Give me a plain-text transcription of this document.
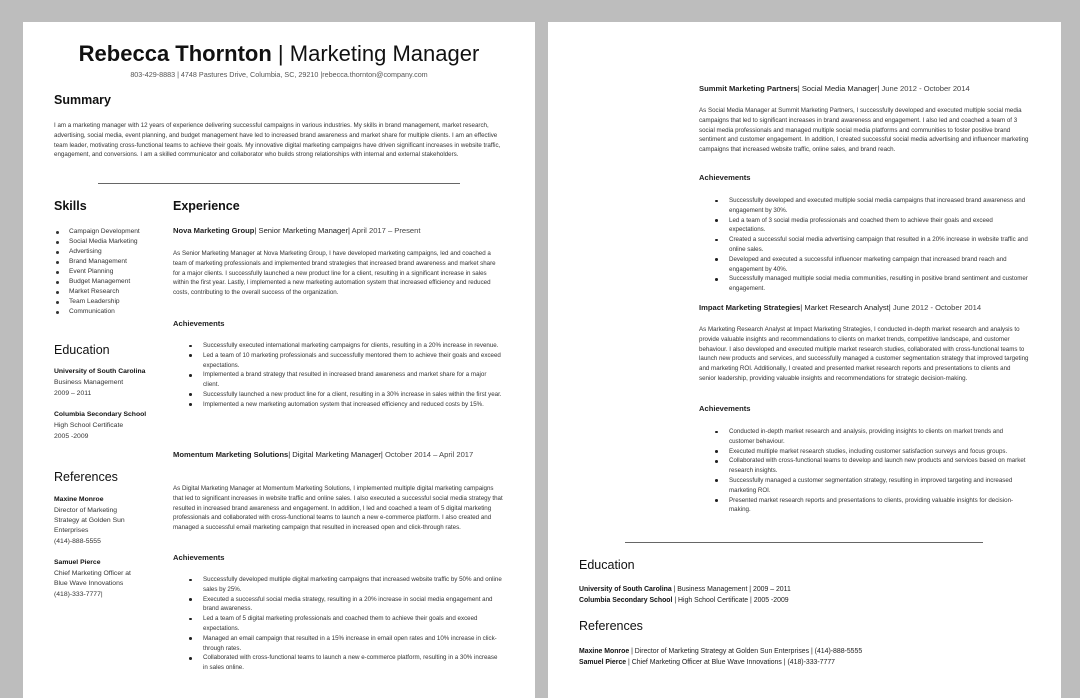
Rebecca Thornton | Marketing Manager
803-429-8883 | 4748 Pastures Drive, Columbia, SC, 29210 |rebecca.thornton@company.com
Summary
I am a marketing manager with 12 years of experience delivering successful campaigns in various industries. My skills in brand management, market research, advertising, social media, event planning, and budget management have led to increased brand awareness and market share for multiple clients. I am an effective team leader, motivating cross-functional teams to achieve their goals. My innovative digital marketing campaigns have driven significant increases in website traffic, engagement, and conversions. I am a skilled communicator and collaborator who builds strong relationships with internal and external stakeholders.
Skills
Campaign Development
Social Media Marketing
Advertising
Brand Management
Event Planning
Budget Management
Market Research
Team Leadership
Communication
Education
University of South Carolina
Business Management
2009 – 2011
Columbia Secondary School
High School Certificate
2005 -2009
References
Maxine Monroe
Director of Marketing
Strategy at Golden Sun
Enterprises
(414)-888-5555
Samuel Pierce
Chief Marketing Officer at
Blue Wave Innovations
(418)-333-7777|
Experience
Nova Marketing Group| Senior Marketing Manager| April 2017 – Present
As Senior Marketing Manager at Nova Marketing Group, I have developed marketing campaigns, led and coached a team of marketing professionals and implemented brand strategies that increased brand awareness and market share for a major clients. I successfully launched a new product line for a client, resulting in a significant increase in sales within the first year. Lastly, I implemented a new marketing automation system that increased efficiency and reduced costs, contributing to the overall success of the organization.
Achievements
Successfully executed international marketing campaigns for clients, resulting in a 20% increase in revenue.
Led a team of 10 marketing professionals and successfully mentored them to achieve their goals and exceed expectations.
Implemented a brand strategy that resulted in increased brand awareness and market share for a major client.
Successfully launched a new product line for a client, resulting in a 30% increase in sales within the first year.
Implemented a new marketing automation system that increased efficiency and reduced costs by 15%.
Momentum Marketing Solutions| Digital Marketing Manager| October 2014 – April 2017
As Digital Marketing Manager at Momentum Marketing Solutions, I implemented multiple digital marketing campaigns that led to significant increases in website traffic and online sales. I also executed a successful social media strategy that resulted in increased brand awareness and engagement. In addition, I led and coached a team of 5 digital marketing professionals and collaborated with cross-functional teams to launch a new e-commerce platform. I also created and managed a successful email marketing campaign that resulted in increased open and click-through rates.
Achievements
Successfully developed multiple digital marketing campaigns that increased website traffic by 50% and online sales by 25%.
Executed a successful social media strategy, resulting in a 20% increase in social media engagement and brand awareness.
Led a team of 5 digital marketing professionals and coached them to achieve their goals and exceed expectations.
Managed an email campaign that resulted in a 15% increase in email open rates and 10% increase in click-through rates.
Collaborated with cross-functional teams to launch a new e-commerce platform, resulting in a 30% increase in sales online.
Summit Marketing Partners| Social Media Manager| June 2012 - October 2014
As Social Media Manager at Summit Marketing Partners, I successfully developed and executed multiple social media campaigns that led to significant increases in brand awareness and engagement. I also led and coached a team of 3 social media professionals and managed multiple social media platforms and communities to foster positive brand sentiment and customer engagement. In addition, I created successful social media advertising and influencer marketing campaigns that increased website traffic, online sales, and brand reach.
Achievements
Successfully developed and executed multiple social media campaigns that increased brand awareness and engagement by 30%.
Led a team of 3 social media professionals and coached them to achieve their goals and exceed expectations.
Created a successful social media advertising campaign that resulted in a 20% increase in website traffic and online sales.
Developed and executed a successful influencer marketing campaign that increased brand reach and engagement by 40%.
Successfully managed multiple social media communities, resulting in positive brand sentiment and customer engagement.
Impact Marketing Strategies| Market Research Analyst| June 2012 - October 2014
As Marketing Research Analyst at Impact Marketing Strategies, I conducted in-depth market research and analysis to provide valuable insights and recommendations to clients on market trends, competitive landscape, and customer behaviour. I also developed and executed multiple market research studies, collaborated with cross-functional teams to launch new products and services, and successfully managed a customer segmentation strategy that improved targeting and marketing ROI. Additionally, I created and presented market research reports and presentations to clients and senior leadership, providing valuable insights and recommendations for strategic decision-making.
Achievements
Conducted in-depth market research and analysis, providing insights to clients on market trends and customer behaviour.
Executed multiple market research studies, including customer satisfaction surveys and focus groups.
Collaborated with cross-functional teams to develop and launch new products and services based on market research insights.
Successfully managed a customer segmentation strategy, resulting in improved targeting and increased marketing ROI.
Presented market research reports and presentations to clients, providing valuable insights for decision-making.
Education
University of South Carolina | Business Management | 2009 – 2011
Columbia Secondary School | High School Certificate | 2005 -2009
References
Maxine Monroe | Director of Marketing Strategy at Golden Sun Enterprises | (414)-888-5555
Samuel Pierce | Chief Marketing Officer at Blue Wave Innovations | (418)-333-7777
